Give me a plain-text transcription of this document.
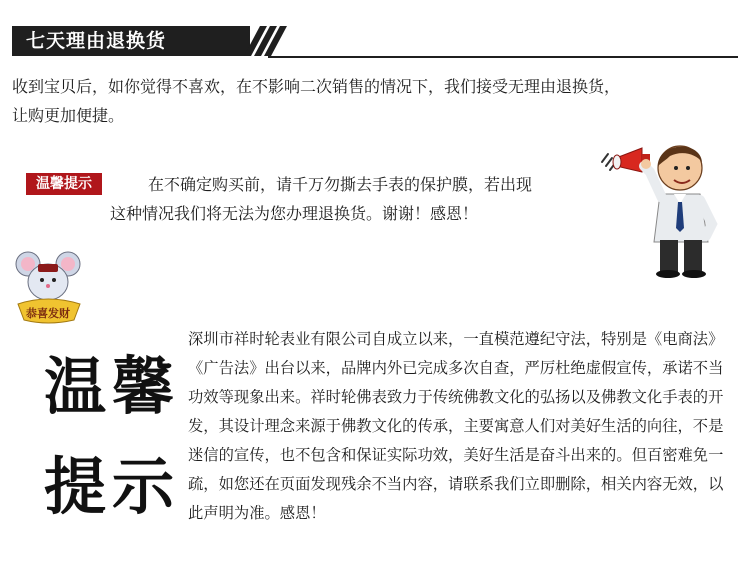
七天理由退换货
收到宝贝后，如你觉得不喜欢，在不影响二次销售的情况下，我们接受无理由退换货，
让购更加便捷。
温馨提示	在不确定购买前，请千万勿撕去手表的保护膜，若出现
这种情况我们将无法为您办理退换货。谢谢！感恩！
恭喜发财
温馨
提示
深圳市祥时轮表业有限公司自成立以来，一直模范遵纪守法，特别是《电商法》
《广告法》出台以来，品牌内外已完成多次自查，严厉杜绝虚假宣传，承诺不当
功效等现象出来。祥时轮佛表致力于传统佛教文化的弘扬以及佛教文化手表的开
发，其设计理念来源于佛教文化的传承，主要寓意人们对美好生活的向往，不是
迷信的宣传，也不包含和保证实际功效，美好生活是奋斗出来的。但百密难免一
疏，如您还在页面发现残余不当内容，请联系我们立即删除，相关内容无效，以
此声明为准。感恩！
